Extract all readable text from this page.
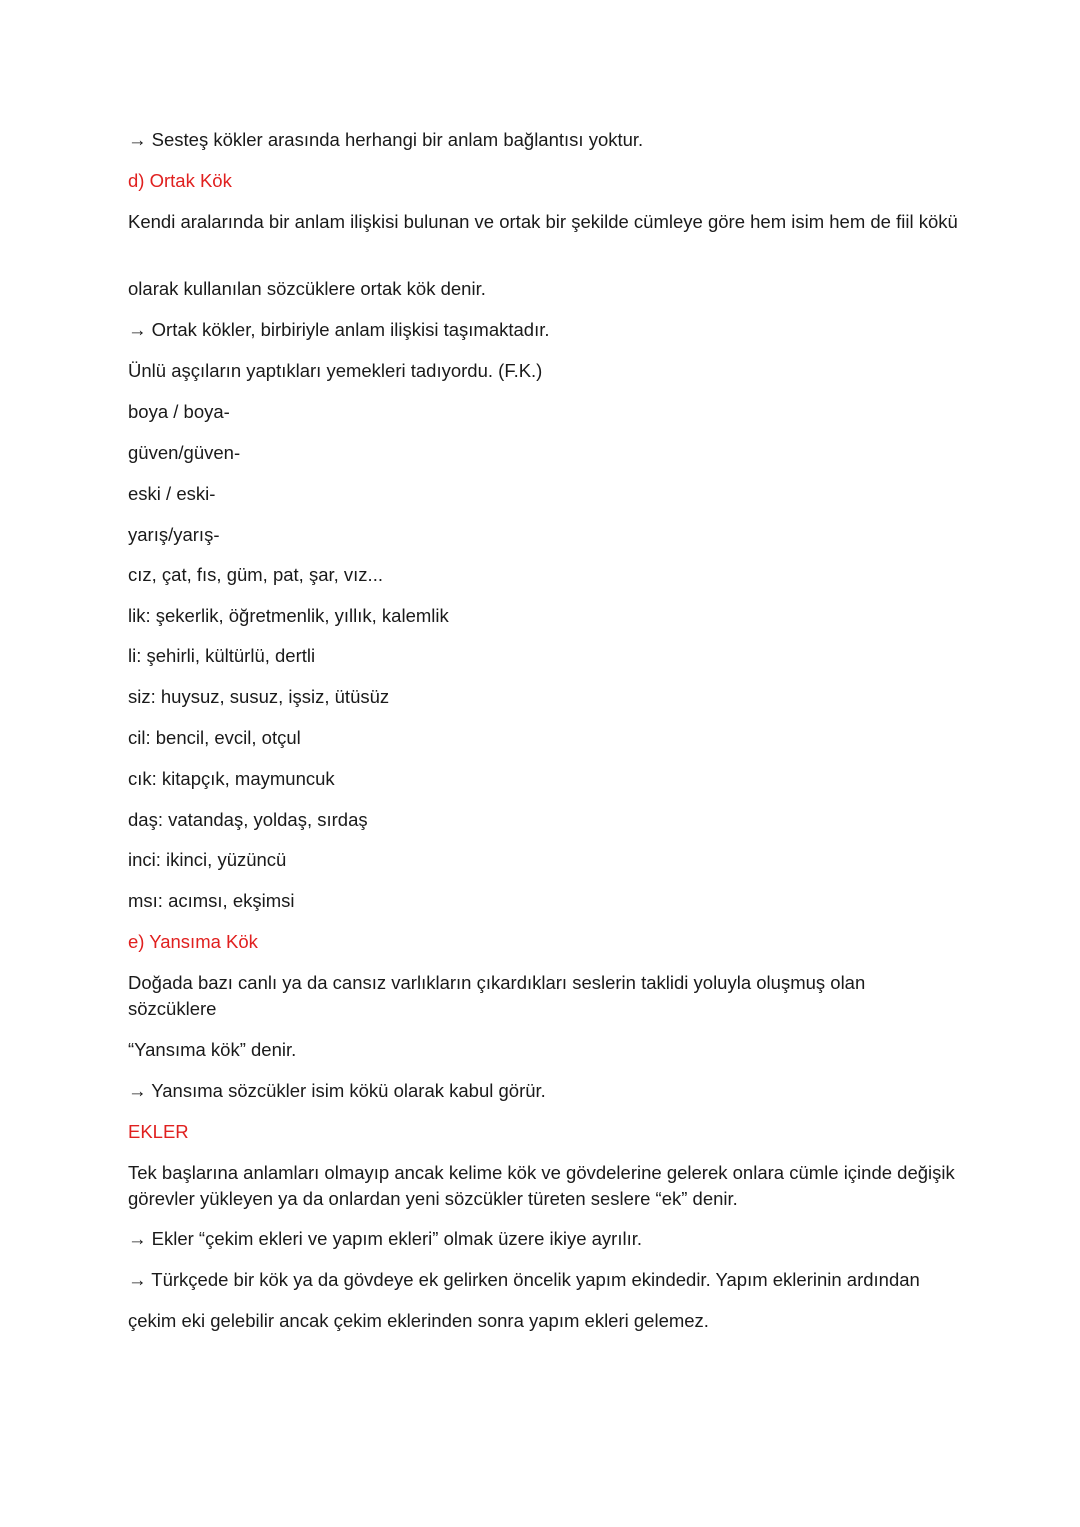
→ Sesteş kökler arasında herhangi bir anlam bağlantısı yoktur.
d) Ortak Kök
Kendi aralarında bir anlam ilişkisi bulunan ve ortak bir şekilde cümleye göre hem isim hem de fiil kökü
olarak kullanılan sözcüklere ortak kök denir.
→ Ortak kökler, birbiriyle anlam ilişkisi taşımaktadır.
Ünlü aşçıların yaptıkları yemekleri tadıyordu. (F.K.)
boya / boya-
güven/güven-
eski / eski-
yarış/yarış-
cız, çat, fıs, güm, pat, şar, vız...
lik: şekerlik, öğretmenlik, yıllık, kalemlik
li: şehirli, kültürlü, dertli
siz: huysuz, susuz, işsiz, ütüsüz
cil: bencil, evcil, otçul
cık: kitapçık, maymuncuk
daş: vatandaş, yoldaş, sırdaş
inci: ikinci, yüzüncü
msı: acımsı, ekşimsi
e) Yansıma Kök
Doğada bazı canlı ya da cansız varlıkların çıkardıkları seslerin taklidi yoluyla oluşmuş olan sözcüklere
“Yansıma kök” denir.
→ Yansıma sözcükler isim kökü olarak kabul görür.
EKLER
Tek başlarına anlamları olmayıp ancak kelime kök ve gövdelerine gelerek onlara cümle içinde değişik görevler yükleyen ya da onlardan yeni sözcükler türeten seslere “ek” denir.
→ Ekler “çekim ekleri ve yapım ekleri” olmak üzere ikiye ayrılır.
→ Türkçede bir kök ya da gövdeye ek gelirken öncelik yapım ekindedir. Yapım eklerinin ardından
çekim eki gelebilir ancak çekim eklerinden sonra yapım ekleri gelemez.
